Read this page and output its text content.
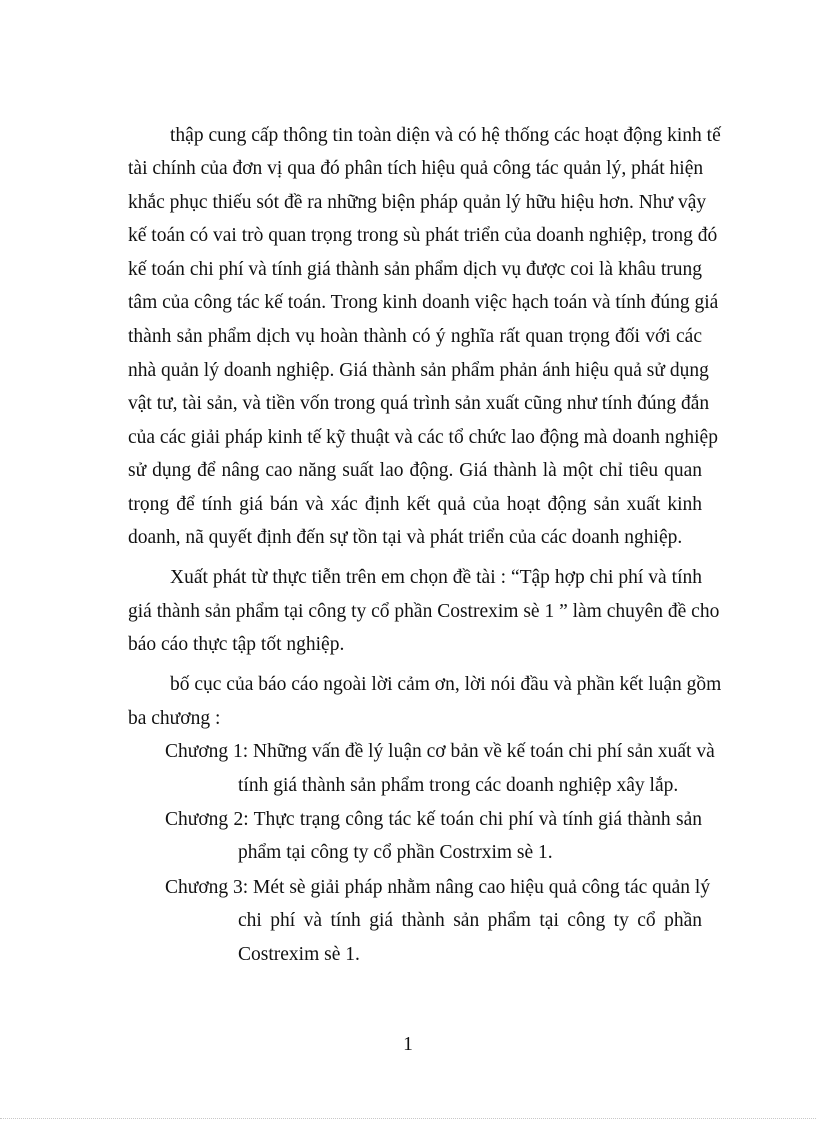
thập cung cấp thông tin toàn diện và có hệ thống các hoạt động kinh tế
tài chính của đơn vị qua đó phân tích hiệu quả công tác quản lý, phát hiện
khắc phục thiếu sót đề ra những biện pháp quản lý hữu hiệu hơn. Như vậy
kế toán có vai trò quan trọng trong sù phát triển của doanh nghiệp, trong đó
kế toán chi phí và tính giá thành sản phẩm dịch vụ được coi là khâu trung
tâm của công tác kế toán. Trong kinh doanh việc hạch toán và tính đúng giá
thành sản phẩm dịch vụ hoàn thành có ý nghĩa rất quan trọng đối với các
nhà quản lý doanh nghiệp. Giá thành sản phẩm phản ánh hiệu quả sử dụng
vật tư, tài sản, và tiền vốn trong quá trình sản xuất cũng như tính đúng đắn
của các giải pháp kinh tế kỹ thuật và các tổ chức lao động mà doanh nghiệp
sử dụng để nâng cao năng suất lao động. Giá thành là một chỉ tiêu quan
trọng để tính giá bán và xác định kết quả của hoạt động sản xuất kinh
doanh, nã quyết định đến sự tồn tại và phát triển của các doanh nghiệp.
Xuất phát từ thực tiễn trên em chọn đề tài : “Tập hợp chi phí và tính
giá thành sản phẩm tại công ty cổ phần Costrexim sè 1 ” làm chuyên đề cho
báo cáo thực tập tốt nghiệp.
bố cục của báo cáo ngoài lời cảm ơn, lời nói đầu và phần kết luận gồm
ba chương :
Chương 1: Những vấn đề lý luận cơ bản về kế toán chi phí sản xuất và
tính giá thành sản phẩm trong các doanh nghiệp xây lắp.
Chương 2: Thực trạng công tác kế toán chi phí và tính giá thành sản
phẩm tại công ty cổ phần Costrxim sè 1.
Chương 3: Mét sè giải pháp nhằm nâng cao hiệu quả công tác quản lý
chi phí và tính giá thành sản phẩm tại công ty cổ phần
Costrexim sè 1.
1
